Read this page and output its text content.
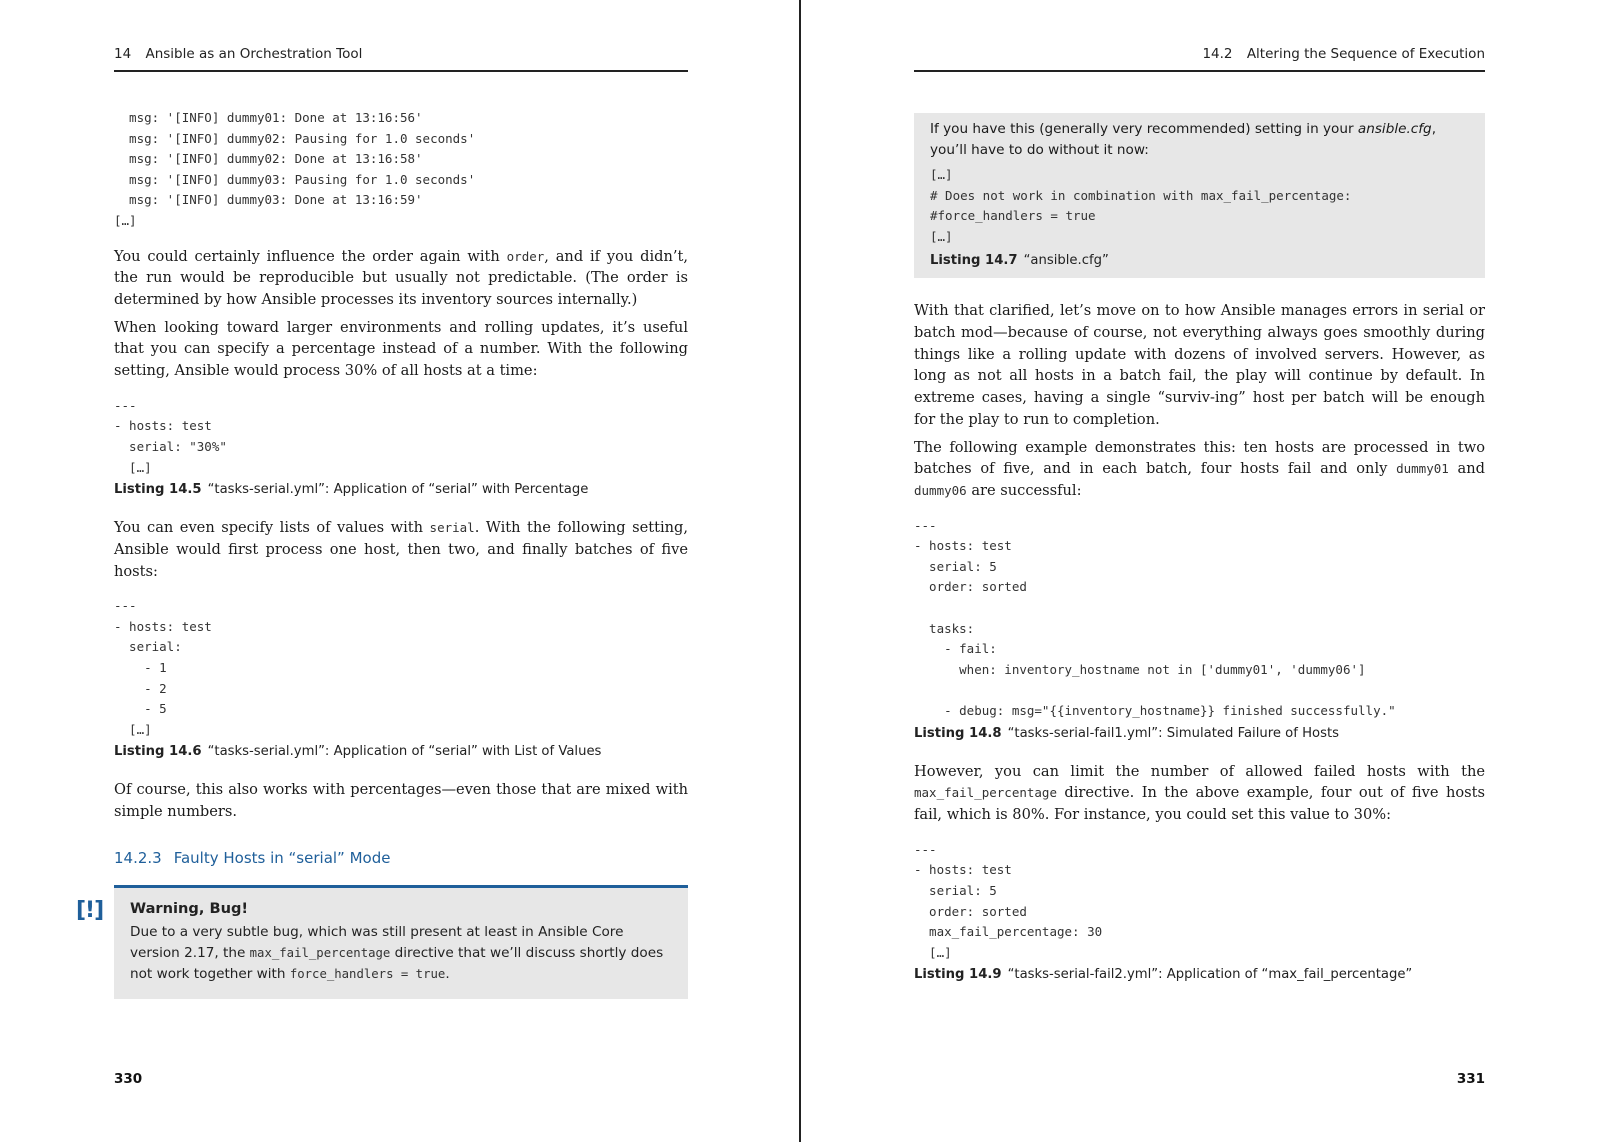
14 Ansible as an Orchestration Tool
msg: '[INFO] dummy01: Done at 13:16:56'
msg: '[INFO] dummy02: Pausing for 1.0 seconds'
msg: '[INFO] dummy02: Done at 13:16:58'
msg: '[INFO] dummy03: Pausing for 1.0 seconds'
msg: '[INFO] dummy03: Done at 13:16:59'
[…]

You could certainly influence the order again with order, and if you didn’t, the run would be reproducible but usually not predictable. (The order is determined by how Ansible processes its inventory sources internally.)

When looking toward larger environments and rolling updates, it’s useful that you can specify a percentage instead of a number. With the following setting, Ansible would process 30% of all hosts at a time:

---
- hosts: test
serial: "30%"
[…]
Listing 14.5 “tasks-serial.yml”: Application of “serial” with Percentage

You can even specify lists of values with serial. With the following setting, Ansible would first process one host, then two, and finally batches of five hosts:

---
- hosts: test
serial:
- 1
- 2
- 5
[…]
Listing 14.6 “tasks-serial.yml”: Application of “serial” with List of Values

Of course, this also works with percentages—even those that are mixed with simple numbers.

14.2.3 Faulty Hosts in “serial” Mode
Warning, Bug!
Due to a very subtle bug, which was still present at least in Ansible Core version 2.17, the max_fail_percentage directive that we’ll discuss shortly does not work together with force_handlers = true.
[!]
330
14.2 Altering the Sequence of Execution

If you have this (generally very recommended) setting in your ansible.cfg, you’ll have to do without it now:

[…]
# Does not work in combination with max_fail_percentage:
#force_handlers = true
[…]
Listing 14.7 “ansible.cfg”

With that clarified, let’s move on to how Ansible manages errors in serial or batch mod—because of course, not everything always goes smoothly during things like a rolling update with dozens of involved servers. However, as long as not all hosts in a batch fail, the play will continue by default. In extreme cases, having a single “surviv-ing” host per batch will be enough for the play to run to completion.

The following example demonstrates this: ten hosts are processed in two batches of five, and in each batch, four hosts fail and only dummy01 and dummy06 are successful:

---
- hosts: test
serial: 5
order: sorted

tasks:
- fail:
when: inventory_hostname not in ['dummy01', 'dummy06']

- debug: msg="{{inventory_hostname}} finished successfully."
Listing 14.8 “tasks-serial-fail1.yml”: Simulated Failure of Hosts

However, you can limit the number of allowed failed hosts with the max_fail_percentage directive. In the above example, four out of five hosts fail, which is 80%. For instance, you could set this value to 30%:

---
- hosts: test
serial: 5
order: sorted
max_fail_percentage: 30
[…]
Listing 14.9 “tasks-serial-fail2.yml”: Application of “max_fail_percentage”
331
